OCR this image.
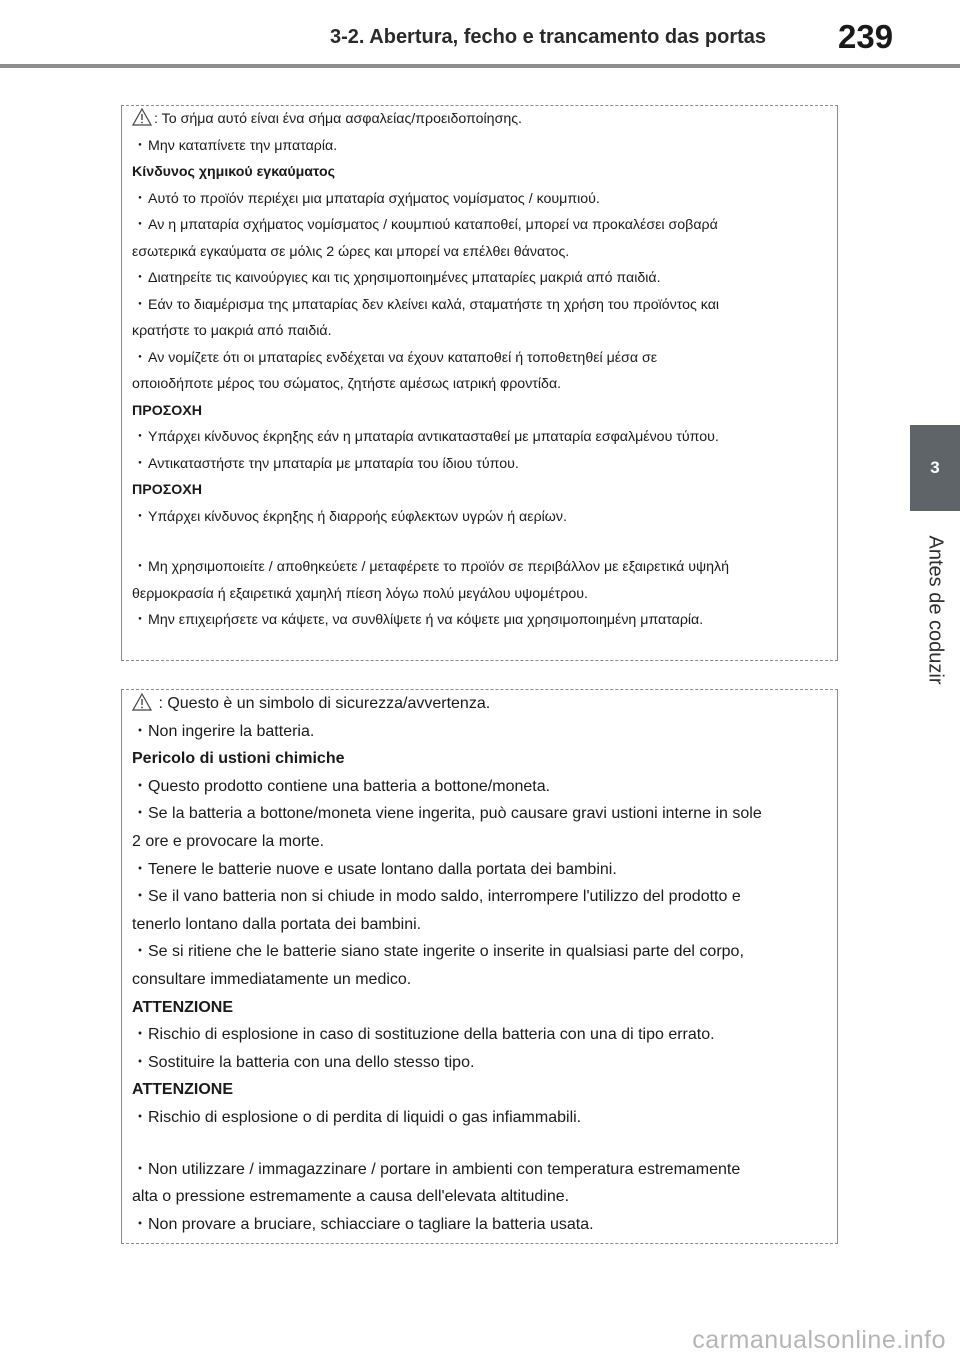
3-2. Abertura, fecho e trancamento das portas 239
3
Antes de coduzir
: Το σήμα αυτό είναι ένα σήμα ασφαλείας/προειδοποίησης.
・Μην καταπίνετε την μπαταρία.
Κίνδυνος χημικού εγκαύματος
・Αυτό το προϊόν περιέχει μια μπαταρία σχήματος νομίσματος / κουμπιού.
・Αν η μπαταρία σχήματος νομίσματος / κουμπιού καταποθεί, μπορεί να προκαλέσει σοβαρά
εσωτερικά εγκαύματα σε μόλις 2 ώρες και μπορεί να επέλθει θάνατος.
・Διατηρείτε τις καινούργιες και τις χρησιμοποιημένες μπαταρίες μακριά από παιδιά.
・Εάν το διαμέρισμα της μπαταρίας δεν κλείνει καλά, σταματήστε τη χρήση του προϊόντος και
κρατήστε το μακριά από παιδιά.
・Αν νομίζετε ότι οι μπαταρίες ενδέχεται να έχουν καταποθεί ή τοποθετηθεί μέσα σε
οποιοδήποτε μέρος του σώματος, ζητήστε αμέσως ιατρική φροντίδα.
ΠΡΟΣΟΧΗ
・Υπάρχει κίνδυνος έκρηξης εάν η μπαταρία αντικατασταθεί με μπαταρία εσφαλμένου τύπου.
・Αντικαταστήστε την μπαταρία με μπαταρία του ίδιου τύπου.
ΠΡΟΣΟΧΗ
・Υπάρχει κίνδυνος έκρηξης ή διαρροής εύφλεκτων υγρών ή αερίων.
・Μη χρησιμοποιείτε / αποθηκεύετε / μεταφέρετε το προϊόν σε περιβάλλον με εξαιρετικά υψηλή
θερμοκρασία ή εξαιρετικά χαμηλή πίεση λόγω πολύ μεγάλου υψομέτρου.
・Μην επιχειρήσετε να κάψετε, να συνθλίψετε ή να κόψετε μια χρησιμοποιημένη μπαταρία.
: Questo è un simbolo di sicurezza/avvertenza.
・Non ingerire la batteria.
Pericolo di ustioni chimiche
・Questo prodotto contiene una batteria a bottone/moneta.
・Se la batteria a bottone/moneta viene ingerita, può causare gravi ustioni interne in sole
2 ore e provocare la morte.
・Tenere le batterie nuove e usate lontano dalla portata dei bambini.
・Se il vano batteria non si chiude in modo saldo, interrompere l'utilizzo del prodotto e
tenerlo lontano dalla portata dei bambini.
・Se si ritiene che le batterie siano state ingerite o inserite in qualsiasi parte del corpo,
consultare immediatamente un medico.
ATTENZIONE
・Rischio di esplosione in caso di sostituzione della batteria con una di tipo errato.
・Sostituire la batteria con una dello stesso tipo.
ATTENZIONE
・Rischio di esplosione o di perdita di liquidi o gas infiammabili.
・Non utilizzare / immagazzinare / portare in ambienti con temperatura estremamente
alta o pressione estremamente a causa dell'elevata altitudine.
・Non provare a bruciare, schiacciare o tagliare la batteria usata.
carmanualsonline.info
